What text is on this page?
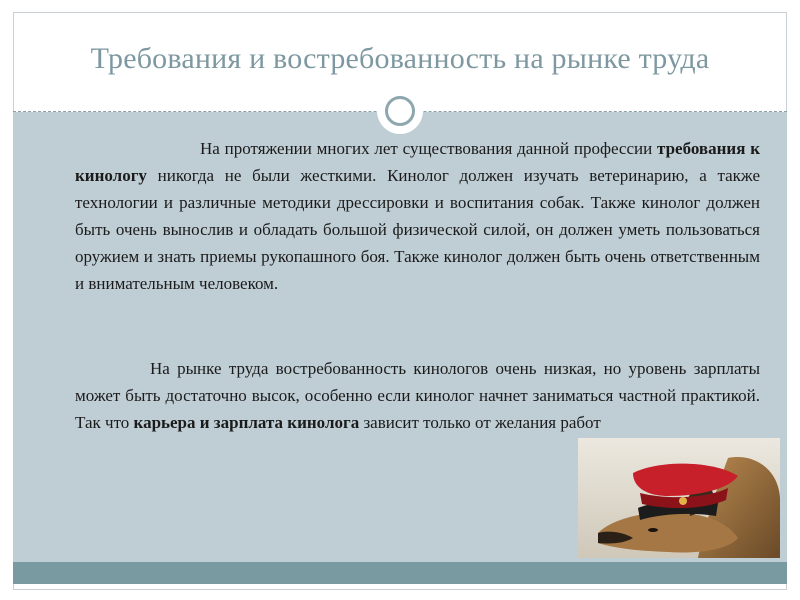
Требования и востребованность на рынке труда
На протяжении многих лет существования данной профессии требования к кинологу никогда не были жесткими. Кинолог должен изучать ветеринарию, а также технологии и различные методики дрессировки и воспитания собак. Также кинолог должен быть очень вынослив и обладать большой физической силой, он должен уметь пользоваться оружием и знать приемы рукопашного боя. Также кинолог должен быть очень ответственным и внимательным человеком.
На рынке труда востребованность кинологов очень низкая, но уровень зарплаты может быть достаточно высок, особенно если кинолог начнет заниматься частной практикой. Так что карьера и зарплата кинолога зависит только от желания работ
